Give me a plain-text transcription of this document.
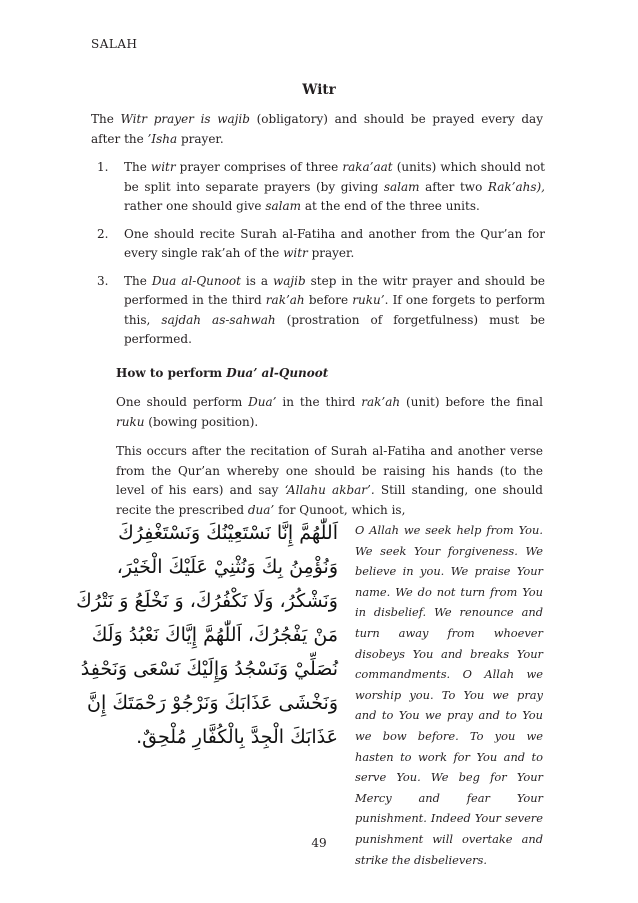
SALAH
Witr
The Witr prayer is wajib (obligatory) and should be prayed every day after the ’Isha prayer.
1.	The witr prayer comprises of three raka’aat (units) which should not be split into separate prayers (by giving salam after two Rak’ahs), rather one should give salam at the end of the three units.
2.	One should recite Surah al-Fatiha and another from the Qur’an for every single rak’ah of the witr prayer.
3.	The Dua al-Qunoot is a wajib step in the witr prayer and should be performed in the third rak’ah before ruku’. If one forgets to perform this, sajdah as-sahwah (prostration of forgetfulness) must be performed.
How to perform Dua’ al-Qunoot
One should perform Dua’ in the third rak’ah (unit) before the final ruku (bowing position).
This occurs after the recitation of Surah al-Fatiha and another verse from the Qur’an whereby one should be raising his hands (to the level of his ears) and say ‘Allahu akbar’. Still standing, one should recite the prescribed dua’ for Qunoot, which is,
اَللّٰهُمَّ إِنَّا نَسْتَعِيْنُكَ وَنَسْتَغْفِرُكَ
وَنُؤْمِنُ بِكَ وَنُثْنِيْ عَلَيْكَ الْخَيْرَ،
وَنَشْكُرُ، وَلَا نَكْفُرُكَ، وَ نَخْلَعُ وَ نَتْرُكَ
مَنْ يَفْجُرُكَ، اَللّٰهُمَّ إِيَّاكَ نَعْبُدُ وَلَكَ
نُصَلِّيْ وَنَسْجُدُ وَإِلَيْكَ نَسْعَى وَنَحْفِدُ
وَنَخْشَى عَذَابَكَ وَنَرْجُوْ رَحْمَتَكَ إِنَّ
عَذَابَكَ الْجِدَّ بِالْكُفَّارِ مُلْحِقٌ.
O Allah we seek help from You. We seek Your forgiveness. We believe in you. We praise Your name. We do not turn from You in disbelief. We renounce and turn away from whoever disobeys You and breaks Your commandments. O Allah we worship you. To You we pray and to You we pray and to You we bow before. To you we hasten to work for You and to serve You. We beg for Your Mercy and fear Your punishment. Indeed Your severe punishment will overtake and strike the disbelievers.
49
